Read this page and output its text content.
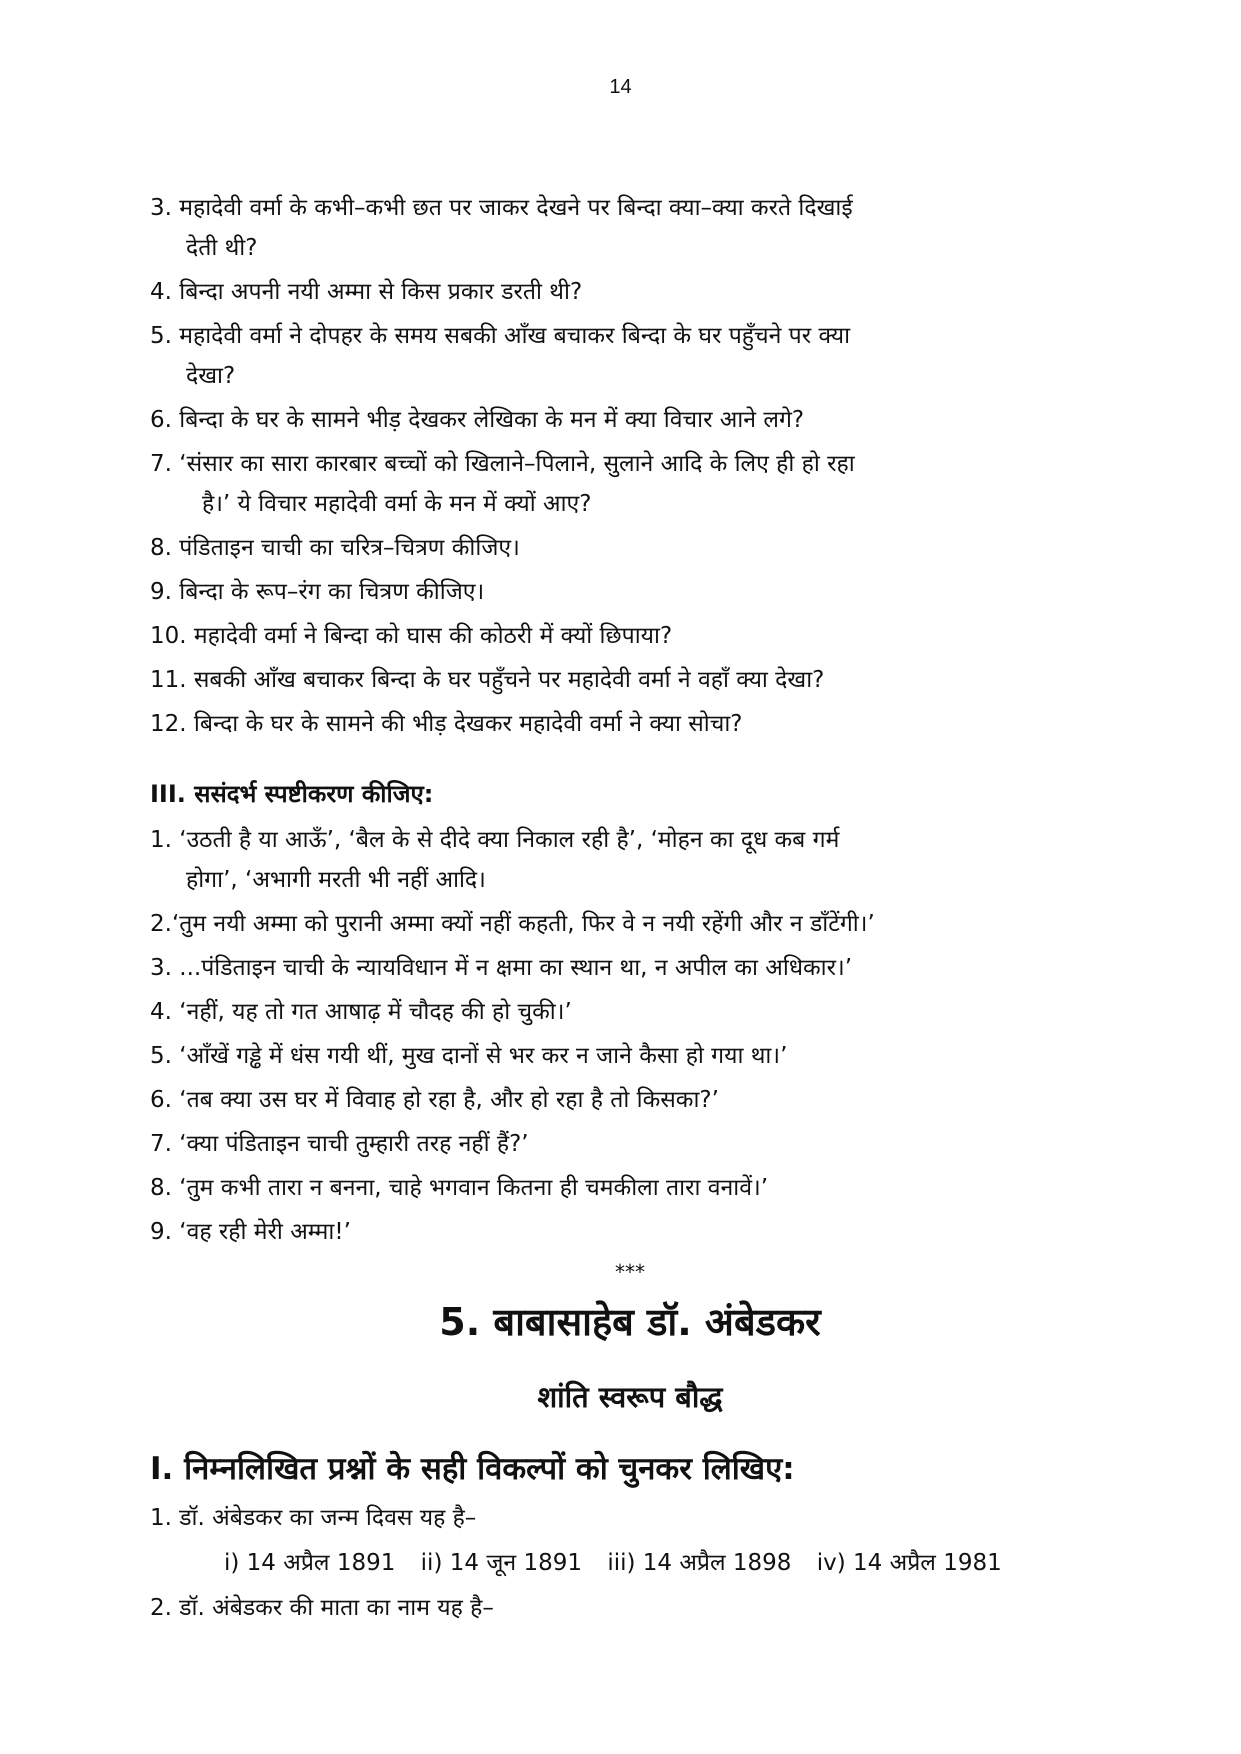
14
3. महादेवी वर्मा के कभी–कभी छत पर जाकर देखने पर बिन्दा क्या–क्या करते दिखाई
देती थी?
4. बिन्दा अपनी नयी अम्मा से किस प्रकार डरती थी?
5. महादेवी वर्मा ने दोपहर के समय सबकी आँख बचाकर बिन्दा के घर पहुँचने पर क्या
देखा?
6. बिन्दा के घर के सामने भीड़ देखकर लेखिका के मन में क्या विचार आने लगे?
7. ‘संसार का सारा कारबार बच्चों को खिलाने–पिलाने, सुलाने आदि के लिए ही हो रहा
है।’ ये विचार महादेवी वर्मा के मन में क्यों आए?
8. पंडिताइन चाची का चरित्र–चित्रण कीजिए।
9. बिन्दा के रूप–रंग का चित्रण कीजिए।
10. महादेवी वर्मा ने बिन्दा को घास की कोठरी में क्यों छिपाया?
11. सबकी आँख बचाकर बिन्दा के घर पहुँचने पर महादेवी वर्मा ने वहाँ क्या देखा?
12. बिन्दा के घर के सामने की भीड़ देखकर महादेवी वर्मा ने क्या सोचा?
III. ससंदर्भ स्पष्टीकरण कीजिए:
1. ‘उठती है या आऊँ’, ‘बैल के से दीदे क्या निकाल रही है’, ‘मोहन का दूध कब गर्म
होगा’, ‘अभागी मरती भी नहीं आदि।
2.‘तुम नयी अम्मा को पुरानी अम्मा क्यों नहीं कहती, फिर वे न नयी रहेंगी और न डाँटेंगी।’
3. ...पंडिताइन चाची के न्यायविधान में न क्षमा का स्थान था, न अपील का अधिकार।’
4. ‘नहीं, यह तो गत आषाढ़ में चौदह की हो चुकी।’
5. ‘आँखें गड्ढे में धंस गयी थीं, मुख दानों से भर कर न जाने कैसा हो गया था।’
6. ‘तब क्या उस घर में विवाह हो रहा है, और हो रहा है तो किसका?’
7. ‘क्या पंडिताइन चाची तुम्हारी तरह नहीं हैं?’
8. ‘तुम कभी तारा न बनना, चाहे भगवान कितना ही चमकीला तारा वनावें।’
9. ‘वह रही मेरी अम्मा!’
***
5. बाबासाहेब डॉ. अंबेडकर
शांति स्वरूप बौद्ध
I. निम्नलिखित प्रश्नों के सही विकल्पों को चुनकर लिखिए:
1. डॉ. अंबेडकर का जन्म दिवस यह है–
i) 14 अप्रैल 1891 ii) 14 जून 1891 iii) 14 अप्रैल 1898 iv) 14 अप्रैल 1981
2. डॉ. अंबेडकर की माता का नाम यह है–
